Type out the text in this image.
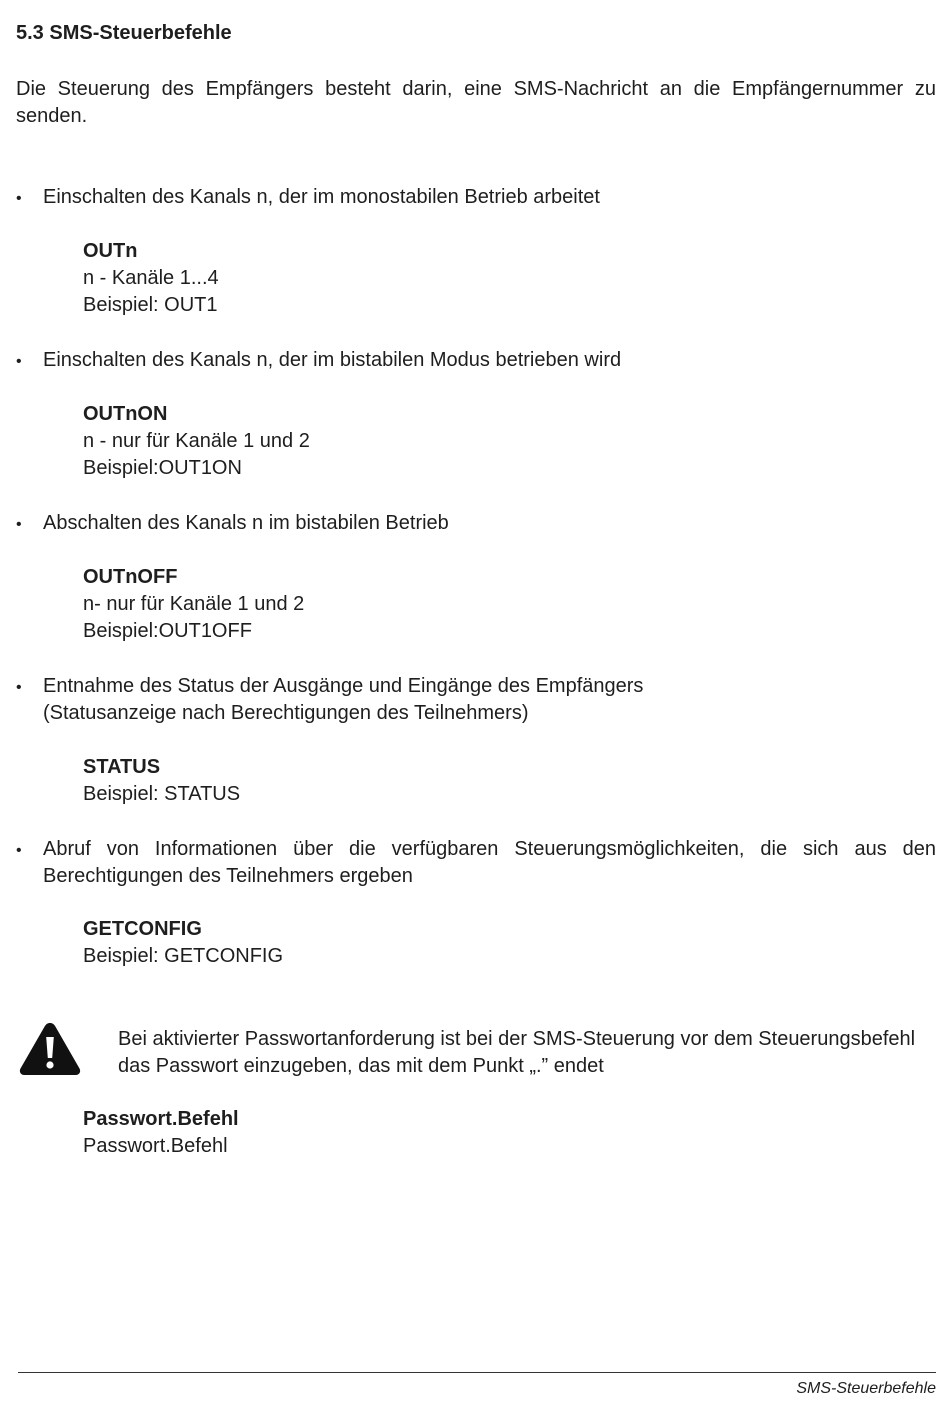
5.3 SMS-Steuerbefehle

Die Steuerung des Empfängers besteht darin, eine SMS-Nachricht an die Empfängernummer zu senden.

• Einschalten des Kanals n, der im monostabilen Betrieb arbeitet
OUTn
n - Kanäle 1...4
Beispiel: OUT1
• Einschalten des Kanals n, der im bistabilen Modus betrieben wird
OUTnON
n - nur für Kanäle 1 und 2
Beispiel:OUT1ON
• Abschalten des Kanals n im bistabilen Betrieb
OUTnOFF
n- nur für Kanäle 1 und 2
Beispiel:OUT1OFF
• Entnahme des Status der Ausgänge und Eingänge des Empfängers
(Statusanzeige nach Berechtigungen des Teilnehmers)
STATUS
Beispiel: STATUS
• Abruf von Informationen über die verfügbaren Steuerungsmöglichkeiten, die sich aus den Berechtigungen des Teilnehmers ergeben
GETCONFIG
Beispiel: GETCONFIG

Bei aktivierter Passwortanforderung ist bei der SMS-Steuerung vor dem Steuerungsbefehl das Passwort einzugeben, das mit dem Punkt „.” endet

Passwort.Befehl
Passwort.Befehl
SMS-Steuerbefehle
